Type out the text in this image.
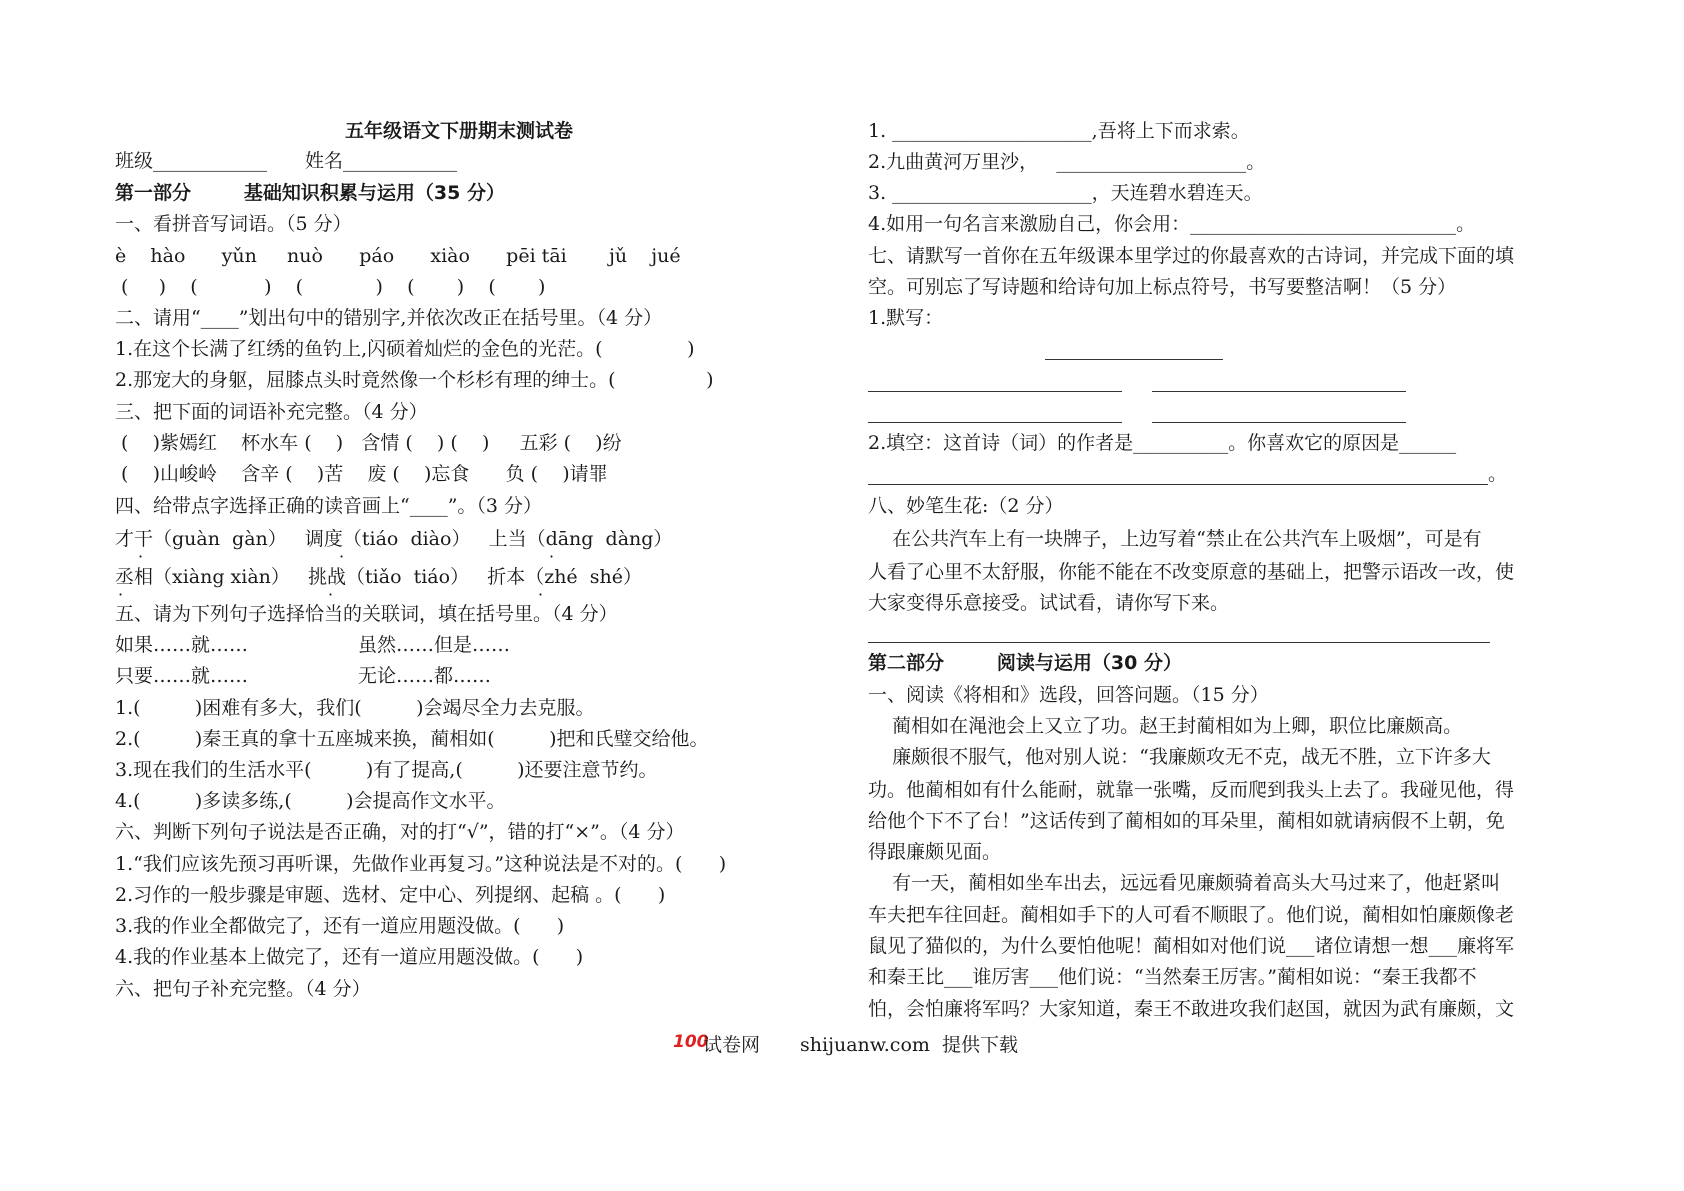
五年级语文下册期末测试卷
班级____________ 姓名____________
第一部分        基础知识积累与运用（35 分）
一、看拼音写词语。（5 分）
è    hào      yǔn     nuò      páo      xiào      pēi tāi       jǔ    jué
(     )    (           )    (            )    (       )    (       )
二、请用“____”划出句中的错别字,并依次改正在括号里。（4 分）
1.在这个长满了红绣的鱼钓上,闪硕着灿烂的金色的光茫。(              )
2.那宠大的身躯，屈膝点头时竟然像一个杉杉有理的绅士。(               )
三、把下面的词语补充完整。（4 分）
(    )紫嫣红    杯水车 (    )   含情 (    ) (    )     五彩 (    )纷
(    )山峻岭    含辛 (    )苦    废 (    )忘食      负 (    )请罪
四、给带点字选择正确的读音画上“____”。（3 分）
才干（guàn  gàn）   调度（tiáo  diào）   上当（dāng  dàng）
丞相（xiàng xiàn）   挑战（tiǎo  tiáo）   折本（zhé  shé）
·	·	·
·	·	·
五、请为下列句子选择恰当的关联词，填在括号里。（4 分）
如果……就……	虽然……但是……
只要……就……	无论……都……
1.(         )困难有多大，我们(         )会竭尽全力去克服。
2.(         )秦王真的拿十五座城来换，蔺相如(         )把和氏璧交给他。
3.现在我们的生活水平(         )有了提高,(         )还要注意节约。
4.(         )多读多练,(         )会提高作文水平。
六、判断下列句子说法是否正确，对的打“√”，错的打“×”。（4 分）
1.“我们应该先预习再听课，先做作业再复习。”这种说法是不对的。(      )
2.习作的一般步骤是审题、选材、定中心、列提纲、起稿 。(      )
3.我的作业全都做完了，还有一道应用题没做。(      )
4.我的作业基本上做完了，还有一道应用题没做。(      )
六、把句子补充完整。（4 分）
1. _____________________,吾将上下而求索。
2.九曲黄河万里沙，   ____________________。
3. _____________________，天连碧水碧连天。
4.如用一句名言来激励自己，你会用：____________________________。
七、请默写一首你在五年级课本里学过的你最喜欢的古诗词，并完成下面的填
空。可别忘了写诗题和给诗句加上标点符号，书写要整洁啊！（5 分）
1.默写：
2.填空：这首诗（词）的作者是__________。你喜欢它的原因是______
。
八、妙笔生花:（2 分）
在公共汽车上有一块牌子，上边写着“禁止在公共汽车上吸烟”，可是有
人看了心里不太舒服，你能不能在不改变原意的基础上，把警示语改一改，使
大家变得乐意接受。试试看，请你写下来。
第二部分        阅读与运用（30 分）
一、阅读《将相和》选段，回答问题。（15 分）
蔺相如在渑池会上又立了功。赵王封蔺相如为上卿，职位比廉颇高。
廉颇很不服气，他对别人说：“我廉颇攻无不克，战无不胜，立下许多大
功。他蔺相如有什么能耐，就靠一张嘴，反而爬到我头上去了。我碰见他，得
给他个下不了台！”这话传到了蔺相如的耳朵里，蔺相如就请病假不上朝，免
得跟廉颇见面。
有一天，蔺相如坐车出去，远远看见廉颇骑着高头大马过来了，他赶紧叫
车夫把车往回赶。蔺相如手下的人可看不顺眼了。他们说，蔺相如怕廉颇像老
鼠见了猫似的，为什么要怕他呢！蔺相如对他们说___诸位请想一想___廉将军
和秦王比___谁厉害___他们说：“当然秦王厉害。”蔺相如说：“秦王我都不
怕，会怕廉将军吗？大家知道，秦王不敢进攻我们赵国，就因为武有廉颇，文
100
试卷网 shijuanw.com 提供下载
